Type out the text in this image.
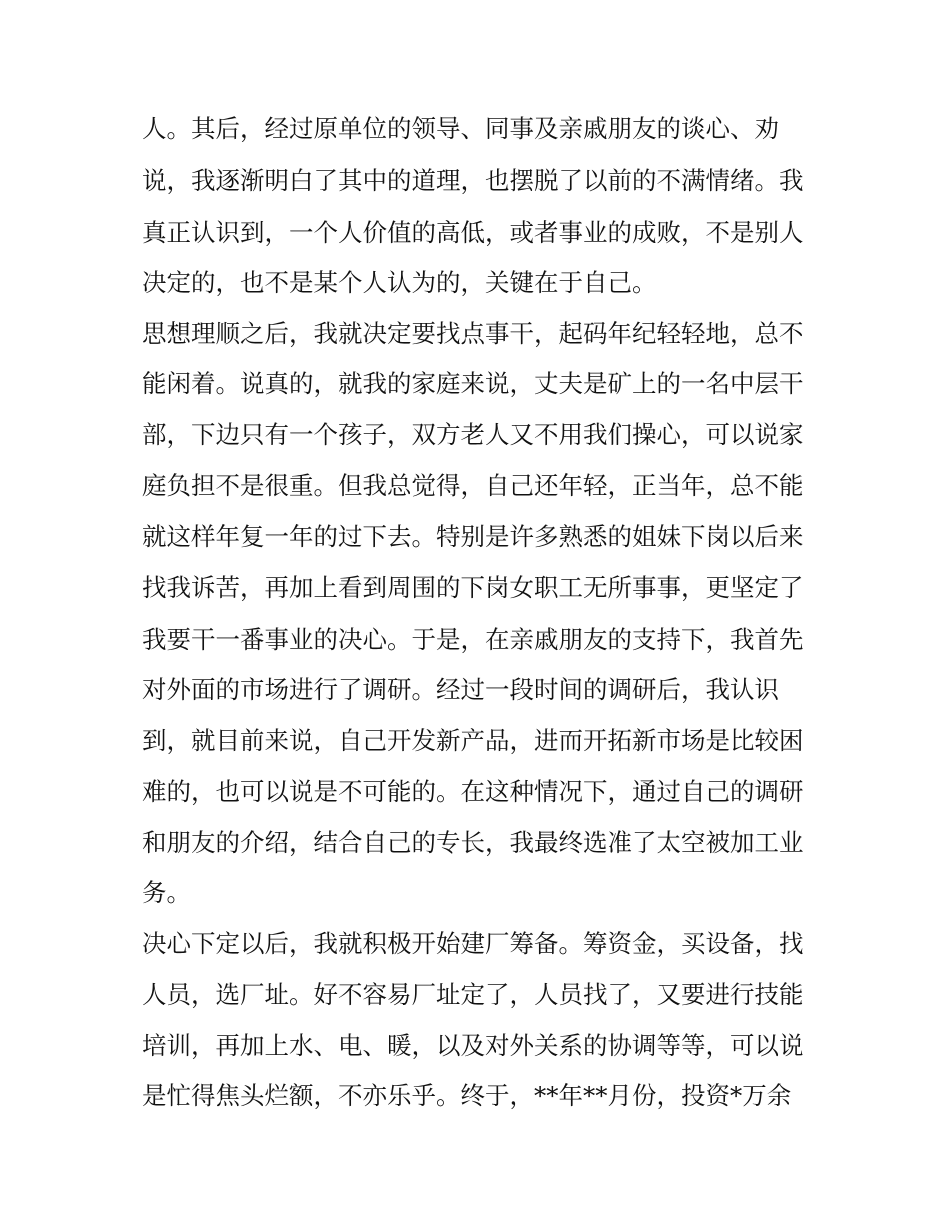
人。其后，经过原单位的领导、同事及亲戚朋友的谈心、劝

说，我逐渐明白了其中的道理，也摆脱了以前的不满情绪。我

真正认识到，一个人价值的高低，或者事业的成败，不是别人

决定的，也不是某个人认为的，关键在于自己。

思想理顺之后，我就决定要找点事干，起码年纪轻轻地，总不

能闲着。说真的，就我的家庭来说，丈夫是矿上的一名中层干

部，下边只有一个孩子，双方老人又不用我们操心，可以说家

庭负担不是很重。但我总觉得，自己还年轻，正当年，总不能

就这样年复一年的过下去。特别是许多熟悉的姐妹下岗以后来

找我诉苦，再加上看到周围的下岗女职工无所事事，更坚定了

我要干一番事业的决心。于是，在亲戚朋友的支持下，我首先

对外面的市场进行了调研。经过一段时间的调研后，我认识

到，就目前来说，自己开发新产品，进而开拓新市场是比较困

难的，也可以说是不可能的。在这种情况下，通过自己的调研

和朋友的介绍，结合自己的专长，我最终选准了太空被加工业

务。

决心下定以后，我就积极开始建厂筹备。筹资金，买设备，找

人员，选厂址。好不容易厂址定了，人员找了，又要进行技能

培训，再加上水、电、暖，以及对外关系的协调等等，可以说

是忙得焦头烂额，不亦乐乎。终于，**年**月份，投资*万余
